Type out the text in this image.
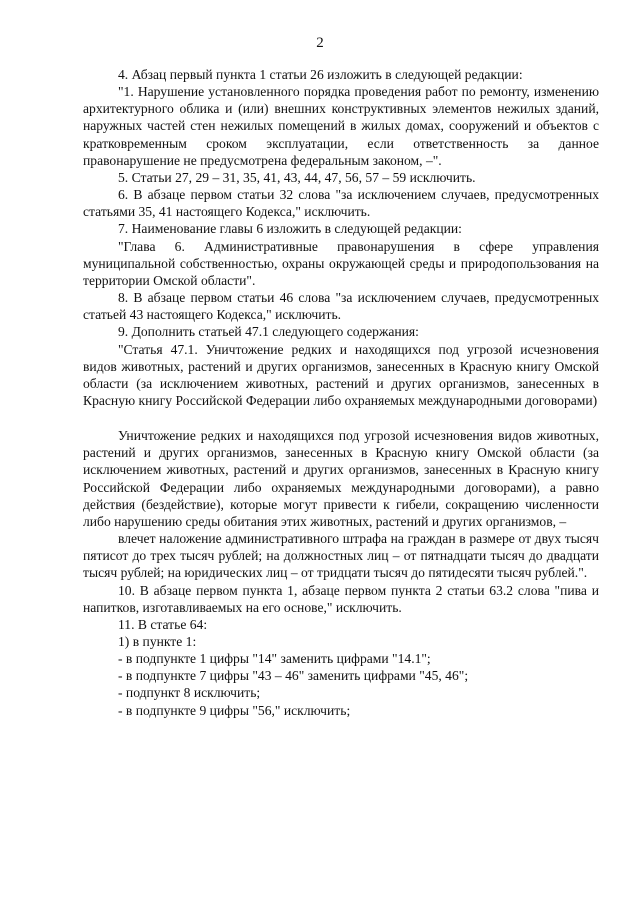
2

4. Абзац первый пункта 1 статьи 26 изложить в следующей редакции:

"1. Нарушение установленного порядка проведения работ по ремонту, изменению архитектурного облика и (или) внешних конструктивных элементов нежилых зданий, наружных частей стен нежилых помещений в жилых домах, сооружений и объектов с кратковременным сроком эксплуатации, если ответственность за данное правонарушение не предусмотрена федеральным законом, –".

5. Статьи 27, 29 – 31, 35, 41, 43, 44, 47, 56, 57 – 59 исключить.

6. В абзаце первом статьи 32 слова "за исключением случаев, предусмотренных статьями 35, 41 настоящего Кодекса," исключить.

7. Наименование главы 6 изложить в следующей редакции:

"Глава 6. Административные правонарушения в сфере управления муниципальной собственностью, охраны окружающей среды и природопользования на территории Омской области".

8. В абзаце первом статьи 46 слова "за исключением случаев, предусмотренных статьей 43 настоящего Кодекса," исключить.

9. Дополнить статьей 47.1 следующего содержания:

"Статья 47.1. Уничтожение редких и находящихся под угрозой исчезновения видов животных, растений и других организмов, занесенных в Красную книгу Омской области (за исключением животных, растений и других организмов, занесенных в Красную книгу Российской Федерации либо охраняемых международными договорами)

Уничтожение редких и находящихся под угрозой исчезновения видов животных, растений и других организмов, занесенных в Красную книгу Омской области (за исключением животных, растений и других организмов, занесенных в Красную книгу Российской Федерации либо охраняемых международными договорами), а равно действия (бездействие), которые могут привести к гибели, сокращению численности либо нарушению среды обитания этих животных, растений и других организмов, –

влечет наложение административного штрафа на граждан в размере от двух тысяч пятисот до трех тысяч рублей; на должностных лиц – от пятнадцати тысяч до двадцати тысяч рублей; на юридических лиц – от тридцати тысяч до пятидесяти тысяч рублей.".

10. В абзаце первом пункта 1, абзаце первом пункта 2 статьи 63.2 слова "пива и напитков, изготавливаемых на его основе," исключить.

11. В статье 64:

1) в пункте 1:

- в подпункте 1 цифры "14" заменить цифрами "14.1";

- в подпункте 7 цифры "43 – 46" заменить цифрами "45, 46";

- подпункт 8 исключить;

- в подпункте 9 цифры "56," исключить;
